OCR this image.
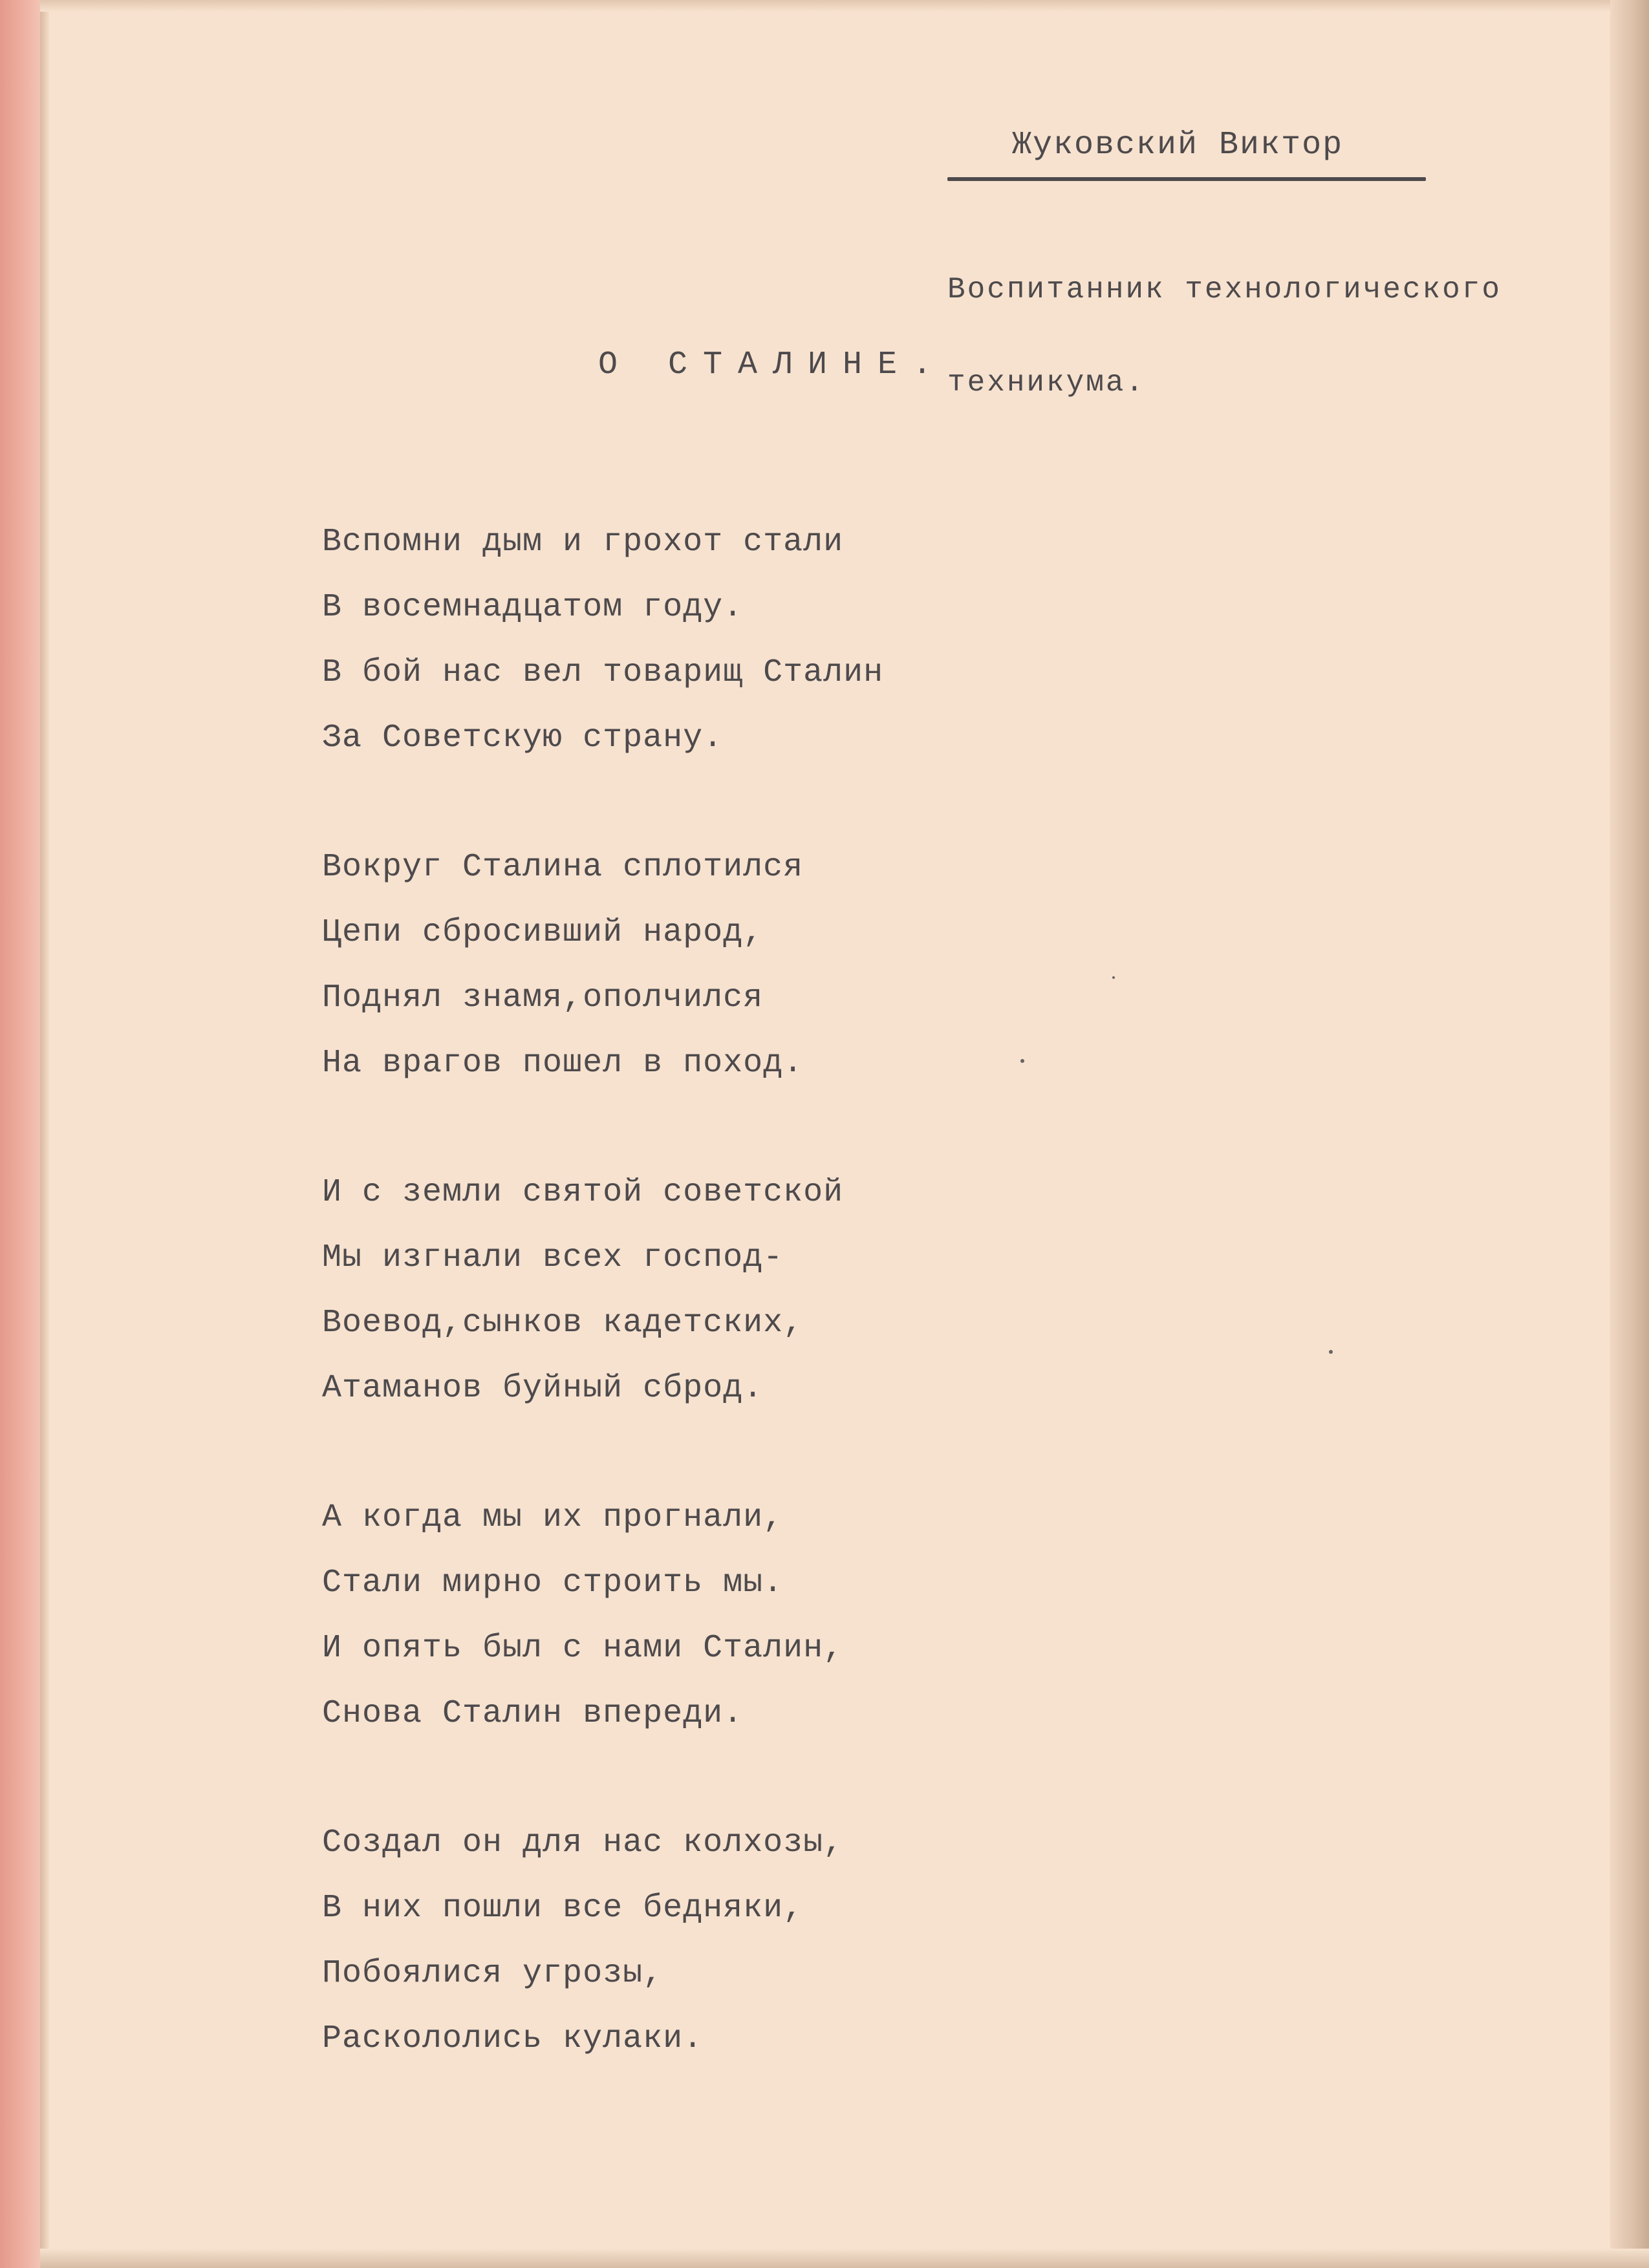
Жуковский Виктор

Воспитанник технологического

техникума.

О СТАЛИНЕ.
Вспомни дым и грохот стали
В восемнадцатом году.
В бой нас вел товарищ Сталин
За Советскую страну.
Вокруг Сталина сплотился
Цепи сбросивший народ,
Поднял знамя,ополчился
На врагов пошел в поход.
И с земли святой советской
Мы изгнали всех господ-
Воевод,сынков кадетских,
Атаманов буйный сброд.
А когда мы их прогнали,
Стали мирно строить мы.
И опять был с нами Сталин,
Снова Сталин впереди.
Создал он для нас колхозы,
В них пошли все бедняки,
Побоялися угрозы,
Раскололись кулаки.
